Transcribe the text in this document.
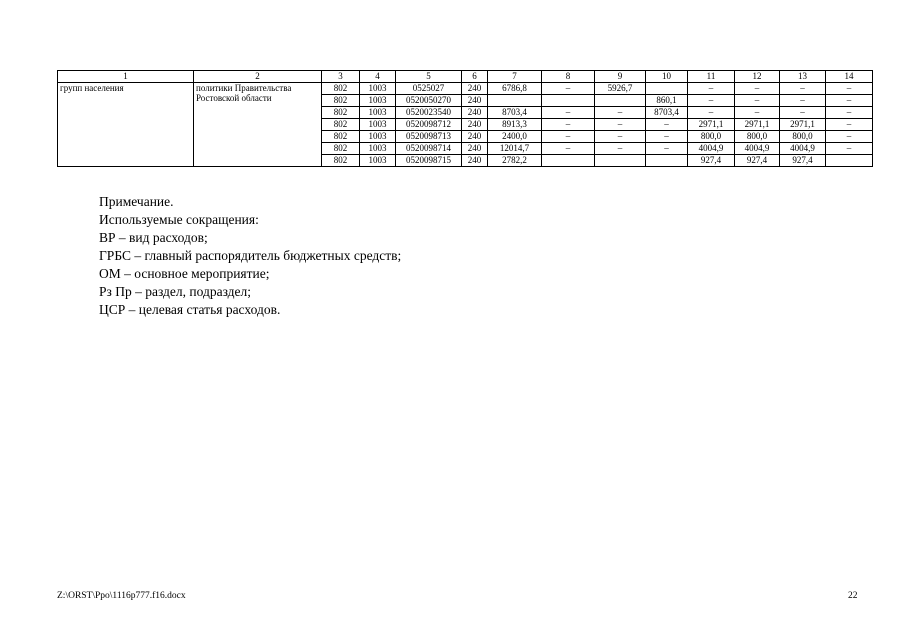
1	2	3	4	5	6	7	8	9	10	11	12	13	14
групп населения	политики Правительства
Ростовской области	802	1003	0525027	240	6786,8	–	5926,7		–	–	–	–
		802	1003	0520050270	240				860,1	–	–	–	–
		802	1003	0520023540	240	8703,4	–	–	8703,4	–	–	–	–
		802	1003	0520098712	240	8913,3	–	–	–	2971,1	2971,1	2971,1	–
		802	1003	0520098713	240	2400,0	–	–	–	800,0	800,0	800,0	–
		802	1003	0520098714	240	12014,7	–	–	–	4004,9	4004,9	4004,9	–
		802	1003	0520098715	240	2782,2				927,4	927,4	927,4	
Примечание.
Используемые сокращения:
ВР – вид расходов;
ГРБС – главный распорядитель бюджетных средств;
ОМ – основное мероприятие;
Рз Пр – раздел, подраздел;
ЦСР – целевая статья расходов.
Z:\ORST\Ppo\1116p777.f16.docx	22
